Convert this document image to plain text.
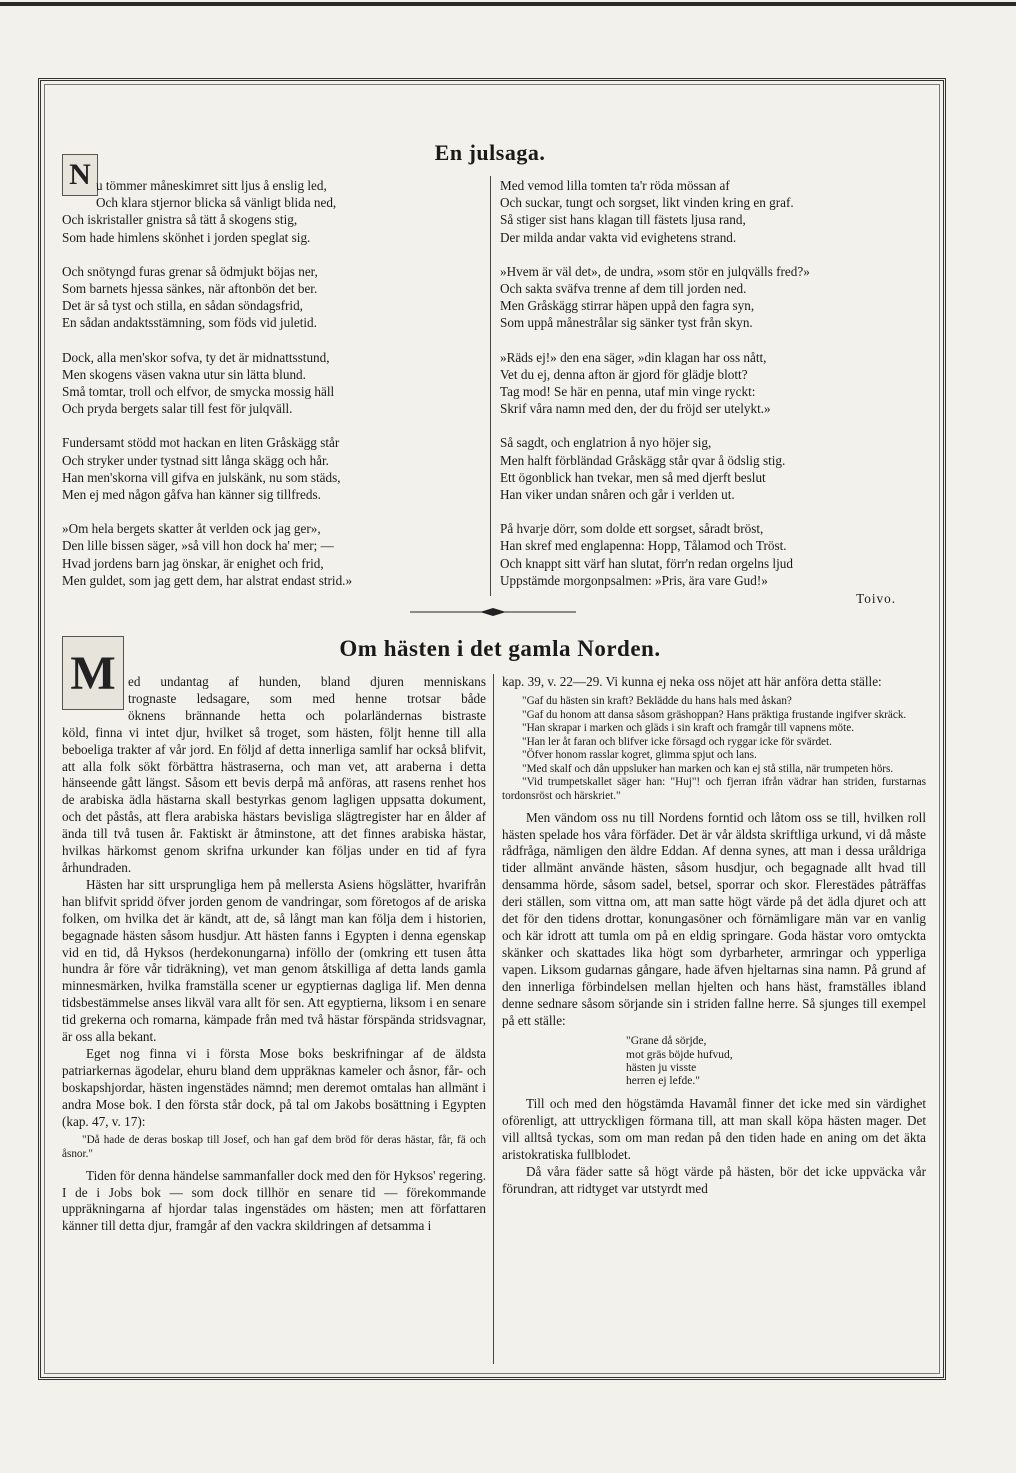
En julsaga.
N u tömmer måneskimret sitt ljus å enslig led,
Och klara stjernor blicka så vänligt blida ned,
Och iskristaller gnistra så tätt å skogens stig,
Som hade himlens skönhet i jorden speglat sig.
Och snötyngd furas grenar så ödmjukt böjas ner,
Som barnets hjessa sänkes, när aftonbön det ber.
Det är så tyst och stilla, en sådan söndagsfrid,
En sådan andaktsstämning, som föds vid juletid.
Dock, alla men'skor sofva, ty det är midnattsstund,
Men skogens väsen vakna utur sin lätta blund.
Små tomtar, troll och elfvor, de smycka mossig häll
Och pryda bergets salar till fest för julqväll.
Fundersamt stödd mot hackan en liten Gråskägg står
Och stryker under tystnad sitt långa skägg och hår.
Han men'skorna vill gifva en julskänk, nu som städs,
Men ej med någon gåfva han känner sig tillfreds.
»Om hela bergets skatter åt verlden ock jag ger»,
Den lille bissen säger, »så vill hon dock ha' mer; —
Hvad jordens barn jag önskar, är enighet och frid,
Men guldet, som jag gett dem, har alstrat endast strid.»
Med vemod lilla tomten ta'r röda mössan af
Och suckar, tungt och sorgset, likt vinden kring en graf.
Så stiger sist hans klagan till fästets ljusa rand,
Der milda andar vakta vid evighetens strand.
»Hvem är väl det», de undra, »som stör en julqvälls fred?»
Och sakta sväfva trenne af dem till jorden ned.
Men Gråskägg stirrar häpen uppå den fagra syn,
Som uppå månestrålar sig sänker tyst från skyn.
»Räds ej!» den ena säger, »din klagan har oss nått,
Vet du ej, denna afton är gjord för glädje blott?
Tag mod! Se här en penna, utaf min vinge ryckt:
Skrif våra namn med den, der du fröjd ser utelykt.»
Så sagdt, och englatrion å nyo höjer sig,
Men halft förbländad Gråskägg står qvar å ödslig stig.
Ett ögonblick han tvekar, men så med djerft beslut
Han viker undan snåren och går i verlden ut.
På hvarje dörr, som dolde ett sorgset, såradt bröst,
Han skref med englapenna: Hopp, Tålamod och Tröst.
Och knappt sitt värf han slutat, förr'n redan orgelns ljud
Uppstämde morgonpsalmen: »Pris, ära vare Gud!»
Toivo.
Om hästen i det gamla Norden.
M ed undantag af hunden, bland djuren menniskans
trognaste ledsagare, som med henne trotsar både
öknens brännande hetta och polarländernas bistraste

köld, finna vi intet djur, hvilket så troget, som hästen, följt henne till alla beboeliga trakter af vår jord. En följd af detta innerliga samlif har också blifvit, att alla folk sökt förbättra hästraserna, och man vet, att araberna i detta hänseende gått längst. Såsom ett bevis derpå må anföras, att rasens renhet hos de arabiska ädla hästarna skall bestyrkas genom lagligen uppsatta dokument, och det påstås, att flera arabiska hästars bevisliga slägtregister har en ålder af ända till två tusen år. Faktiskt är åtminstone, att det finnes arabiska hästar, hvilkas härkomst genom skrifna urkunder kan följas under en tid af fyra århundraden.

Hästen har sitt ursprungliga hem på mellersta Asiens högslätter, hvarifrån han blifvit spridd öfver jorden genom de vandringar, som företogos af de ariska folken, om hvilka det är kändt, att de, så långt man kan följa dem i historien, begagnade hästen såsom husdjur. Att hästen fanns i Egypten i denna egenskap vid en tid, då Hyksos (herdekonungarna) inföllo der (omkring ett tusen åtta hundra år före vår tidräkning), vet man genom åtskilliga af detta lands gamla minnesmärken, hvilka framställa scener ur egyptiernas dagliga lif. Men denna tidsbestämmelse anses likväl vara allt för sen. Att egyptierna, liksom i en senare tid grekerna och romarna, kämpade från med två hästar förspända stridsvagnar, är oss alla bekant.

Eget nog finna vi i första Mose boks beskrifningar af de äldsta patriarkernas ägodelar, ehuru bland dem uppräknas kameler och åsnor, får- och boskapshjordar, hästen ingenstädes nämnd; men deremot omtalas han allmänt i andra Mose bok. I den första står dock, på tal om Jakobs bosättning i Egypten (kap. 47, v. 17):

"Då hade de deras boskap till Josef, och han gaf dem bröd för deras hästar, får, fä och åsnor."

Tiden för denna händelse sammanfaller dock med den för Hyksos' regering. I de i Jobs bok — som dock tillhör en senare tid — förekommande uppräkningarna af hjordar talas ingenstädes om hästen; men att författaren känner till detta djur, framgår af den vackra skildringen af detsamma i

kap. 39, v. 22—29. Vi kunna ej neka oss nöjet att här anföra detta ställe:

"Gaf du hästen sin kraft? Beklädde du hans hals med åskan?
"Gaf du honom att dansa såsom gräshoppan? Hans präktiga frustande ingifver skräck.
"Han skrapar i marken och gläds i sin kraft och framgår till vapnens möte.
"Han ler åt faran och blifver icke försagd och ryggar icke för svärdet.
"Öfver honom rasslar kogret, glimma spjut och lans.
"Med skalf och dån uppsluker han marken och kan ej stå stilla, när trumpeten hörs.
"Vid trumpetskallet säger han: "Huj"! och fjerran ifrån vädrar han striden, furstarnas tordonsröst och härskriet."

Men vändom oss nu till Nordens forntid och låtom oss se till, hvilken roll hästen spelade hos våra förfäder. Det är vår äldsta skriftliga urkund, vi då måste rådfråga, nämligen den äldre Eddan. Af denna synes, att man i dessa uråldriga tider allmänt använde hästen, såsom husdjur, och begagnade allt hvad till densamma hörde, såsom sadel, betsel, sporrar och skor. Flerestädes påträffas deri ställen, som vittna om, att man satte högt värde på det ädla djuret och att det för den tidens drottar, konungasöner och förnämligare män var en vanlig och kär idrott att tumla om på en eldig springare. Goda hästar voro omtyckta skänker och skattades lika högt som dyrbarheter, armringar och ypperliga vapen. Liksom gudarnas gångare, hade äfven hjeltarnas sina namn. På grund af den innerliga förbindelsen mellan hjelten och hans häst, framställes ibland denne sednare såsom sörjande sin i striden fallne herre. Så sjunges till exempel på ett ställe:

"Grane då sörjde,
mot gräs böjde hufvud,
hästen ju visste
herren ej lefde."

Till och med den högstämda Havamål finner det icke med sin värdighet oförenligt, att uttryckligen förmana till, att man skall köpa hästen mager. Det vill alltså tyckas, som om man redan på den tiden hade en aning om det äkta aristokratiska fullblodet.

Då våra fäder satte så högt värde på hästen, bör det icke uppväcka vår förundran, att ridtyget var utstyrdt med
